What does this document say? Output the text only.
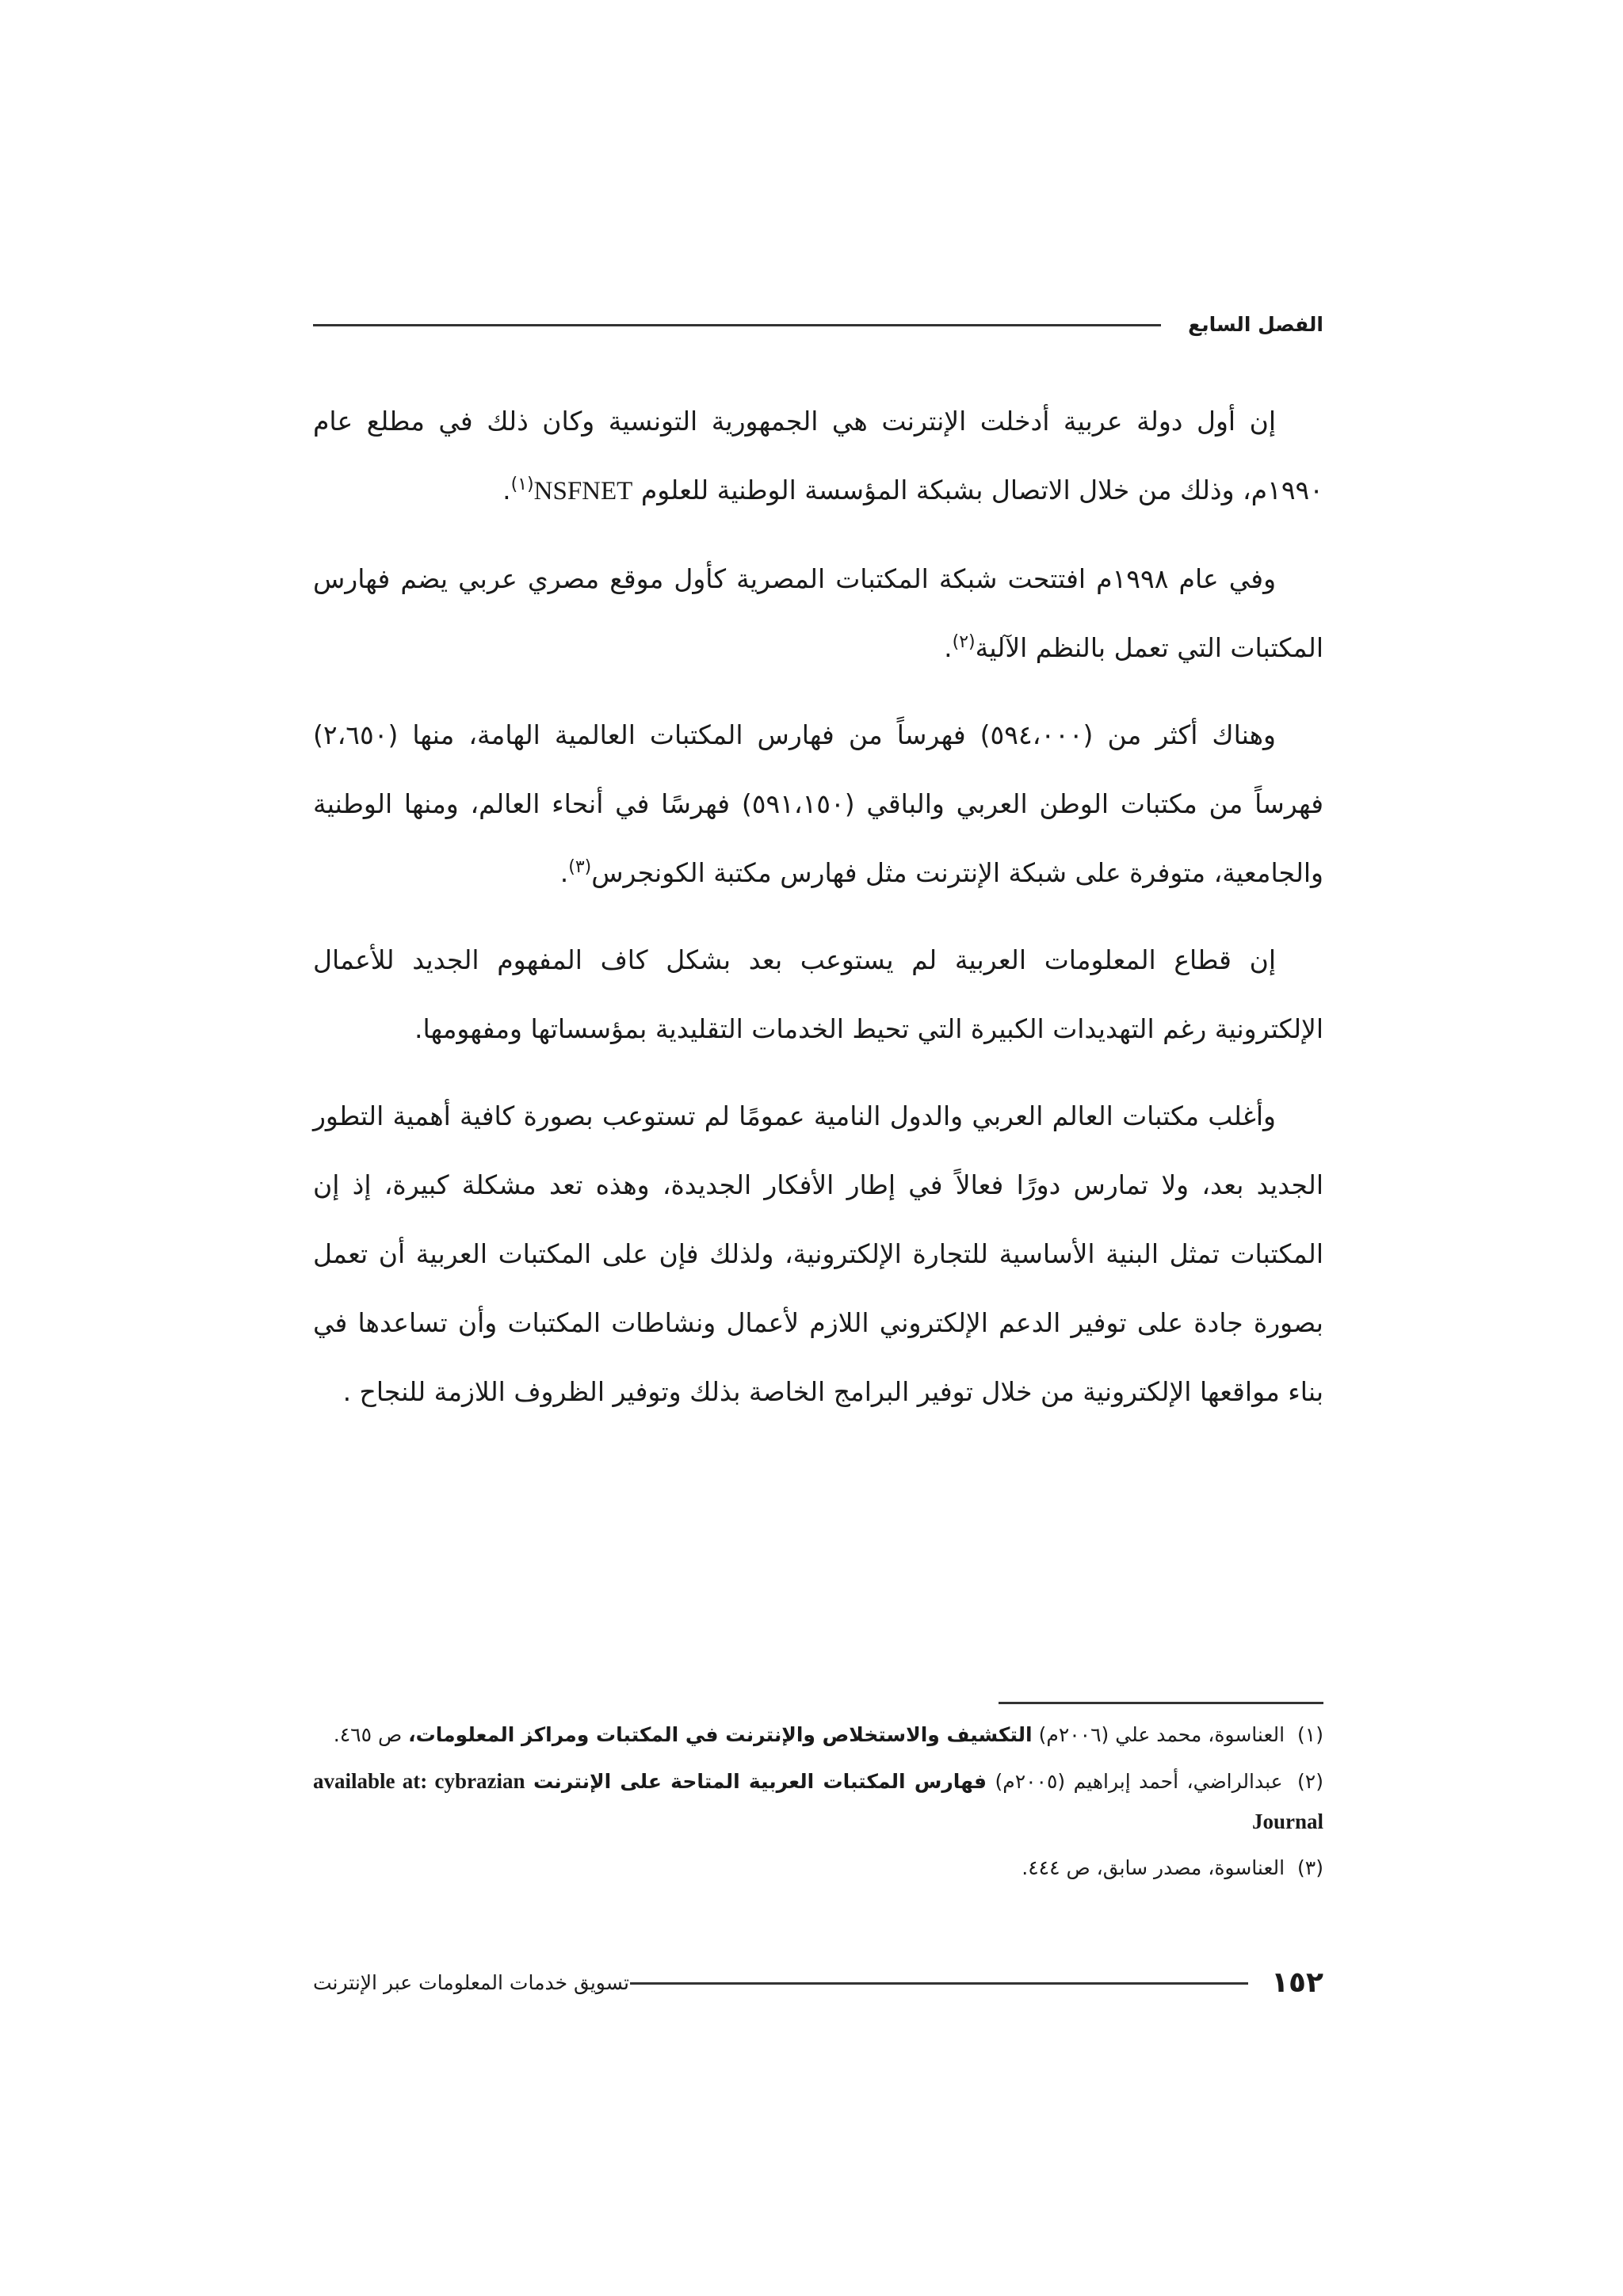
الفصل السابع

إن أول دولة عربية أدخلت الإنترنت هي الجمهورية التونسية وكان ذلك في مطلع عام ١٩٩٠م، وذلك من خلال الاتصال بشبكة المؤسسة الوطنية للعلوم NSFNET$^{(١)}$.

وفي عام ١٩٩٨م افتتحت شبكة المكتبات المصرية كأول موقع مصري عربي يضم فهارس المكتبات التي تعمل بالنظم الآلية$^{(٢)}$.

وهناك أكثر من (٥٩٤،٠٠٠) فهرساً من فهارس المكتبات العالمية الهامة، منها (٢،٦٥٠) فهرساً من مكتبات الوطن العربي والباقي (٥٩١،١٥٠) فهرسًا في أنحاء العالم، ومنها الوطنية والجامعية، متوفرة على شبكة الإنترنت مثل فهارس مكتبة الكونجرس$^{(٣)}$.

إن قطاع المعلومات العربية لم يستوعب بعد بشكل كاف المفهوم الجديد للأعمال الإلكترونية رغم التهديدات الكبيرة التي تحيط الخدمات التقليدية بمؤسساتها ومفهومها.

وأغلب مكتبات العالم العربي والدول النامية عمومًا لم تستوعب بصورة كافية أهمية التطور الجديد بعد، ولا تمارس دورًا فعالاً في إطار الأفكار الجديدة، وهذه تعد مشكلة كبيرة، إذ إن المكتبات تمثل البنية الأساسية للتجارة الإلكترونية، ولذلك فإن على المكتبات العربية أن تعمل بصورة جادة على توفير الدعم الإلكتروني اللازم لأعمال ونشاطات المكتبات وأن تساعدها في بناء مواقعها الإلكترونية من خلال توفير البرامج الخاصة بذلك وتوفير الظروف اللازمة للنجاح .

(١) العناسوة، محمد علي (٢٠٠٦م) التكشيف والاستخلاص والإنترنت في المكتبات ومراكز المعلومات، ص ٤٦٥.
(٢) عبدالراضي، أحمد إبراهيم (٢٠٠٥م) فهارس المكتبات العربية المتاحة على الإنترنت available at: cybrazian Journal
(٣) العناسوة، مصدر سابق، ص ٤٤٤.
١٥٢
تسويق خدمات المعلومات عبر الإنترنت
